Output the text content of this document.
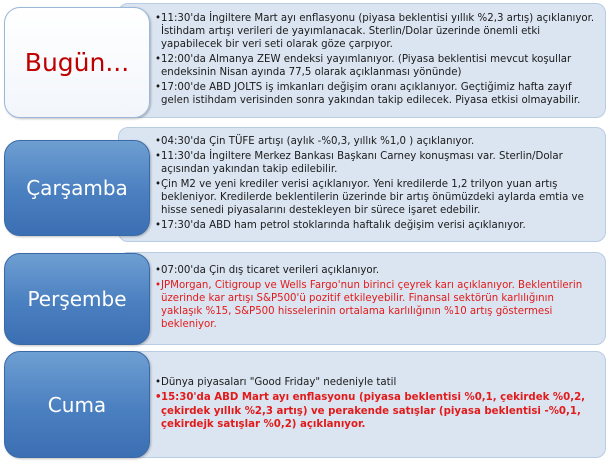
•11:30'da İngiltere Mart ayı enflasyonu (piyasa beklentisi yıllık %2,3 artış) açıklanıyor. İstihdam artışı verileri de yayımlanacak. Sterlin/Dolar üzerinde önemli etki yapabilecek bir veri seti olarak göze çarpıyor.
•12:00'da Almanya ZEW endeksi yayımlanıyor. (Piyasa beklentisi mevcut koşullar endeksinin Nisan ayında 77,5 olarak açıklanması yönünde)
•17:00'de ABD JOLTS iş imkanları değişim oranı açıklanıyor. Geçtiğimiz hafta zayıf gelen istihdam verisinden sonra yakından takip edilecek. Piyasa etkisi olmayabilir.
Bugün...
•04:30'da Çin TÜFE artışı (aylık -%0,3, yıllık %1,0 ) açıklanıyor.
•11:30'da İngiltere Merkez Bankası Başkanı Carney konuşması var. Sterlin/Dolar açısından yakından takip edilebilir.
•Çin M2 ve yeni krediler verisi açıklanıyor. Yeni kredilerde 1,2 trilyon yuan artış bekleniyor. Kredilerde beklentilerin üzerinde bir artış önümüzdeki aylarda emtia ve hisse senedi piyasalarını destekleyen bir sürece işaret edebilir.
•17:30'da ABD ham petrol stoklarında haftalık değişim verisi açıklanıyor.
Çarşamba
•07:00'da Çin dış ticaret verileri açıklanıyor.
•JPMorgan, Citigroup ve Wells Fargo'nun birinci çeyrek karı açıklanıyor. Beklentilerin üzerinde kar artışı S&P500'ü pozitif etkileyebilir. Finansal sektörün karlılığının yaklaşık %15, S&P500 hisselerinin ortalama karlılığının %10 artış göstermesi bekleniyor.
Perşembe
•Dünya piyasaları "Good Friday" nedeniyle tatil
•15:30'da ABD Mart ayı enflasyonu (piyasa beklentisi %0,1, çekirdek %0,2, çekirdek yıllık %2,3 artış) ve perakende satışlar (piyasa beklentisi -%0,1, çekirdejk satışlar %0,2) açıklanıyor.
Cuma
